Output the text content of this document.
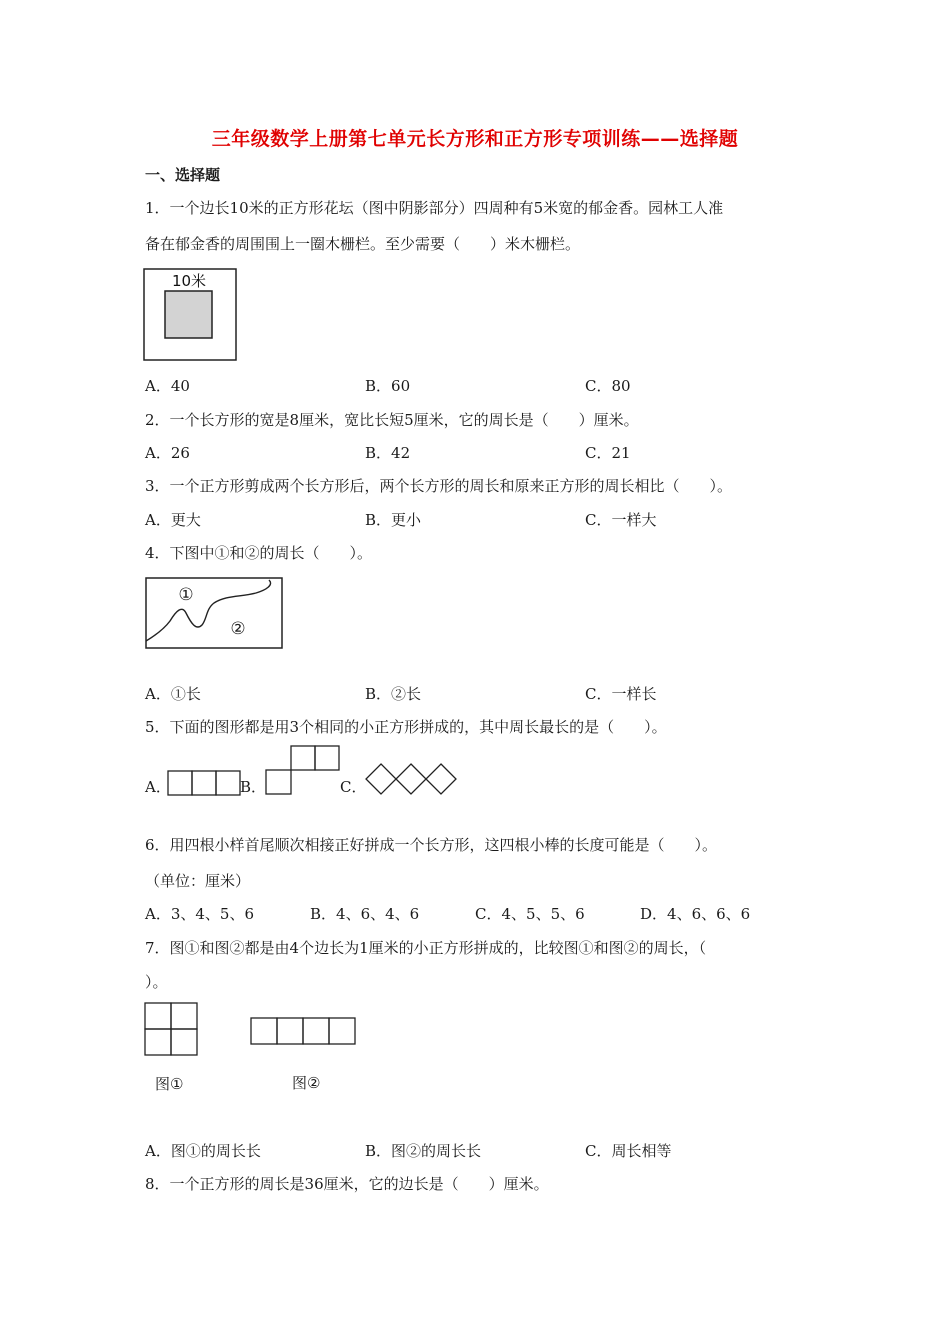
三年级数学上册第七单元长方形和正方形专项训练——选择题
一、选择题
1．一个边长10米的正方形花坛（图中阴影部分）四周种有5米宽的郁金香。园林工人准
备在郁金香的周围围上一圈木栅栏。至少需要（　　）米木栅栏。
10米
A．40	B．60	C．80
2．一个长方形的宽是8厘米，宽比长短5厘米，它的周长是（　　）厘米。
A．26	B．42	C．21
3．一个正方形剪成两个长方形后，两个长方形的周长和原来正方形的周长相比（　　）。
A．更大	B．更小	C．一样大
4．下图中①和②的周长（　　）。
①
②
A．①长	B．②长	C．一样长
5．下面的图形都是用3个相同的小正方形拼成的，其中周长最长的是（　　）。
A．	B．	C．
6．用四根小样首尾顺次相接正好拼成一个长方形，这四根小棒的长度可能是（　　）。
（单位：厘米）
A．3、4、5、6	B．4、6、4、6	C．4、5、5、6	D．4、6、6、6
7．图①和图②都是由4个边长为1厘米的小正方形拼成的，比较图①和图②的周长，（
）。
图①	图②
A．图①的周长长	B．图②的周长长	C．周长相等
8．一个正方形的周长是36厘米，它的边长是（　　）厘米。
